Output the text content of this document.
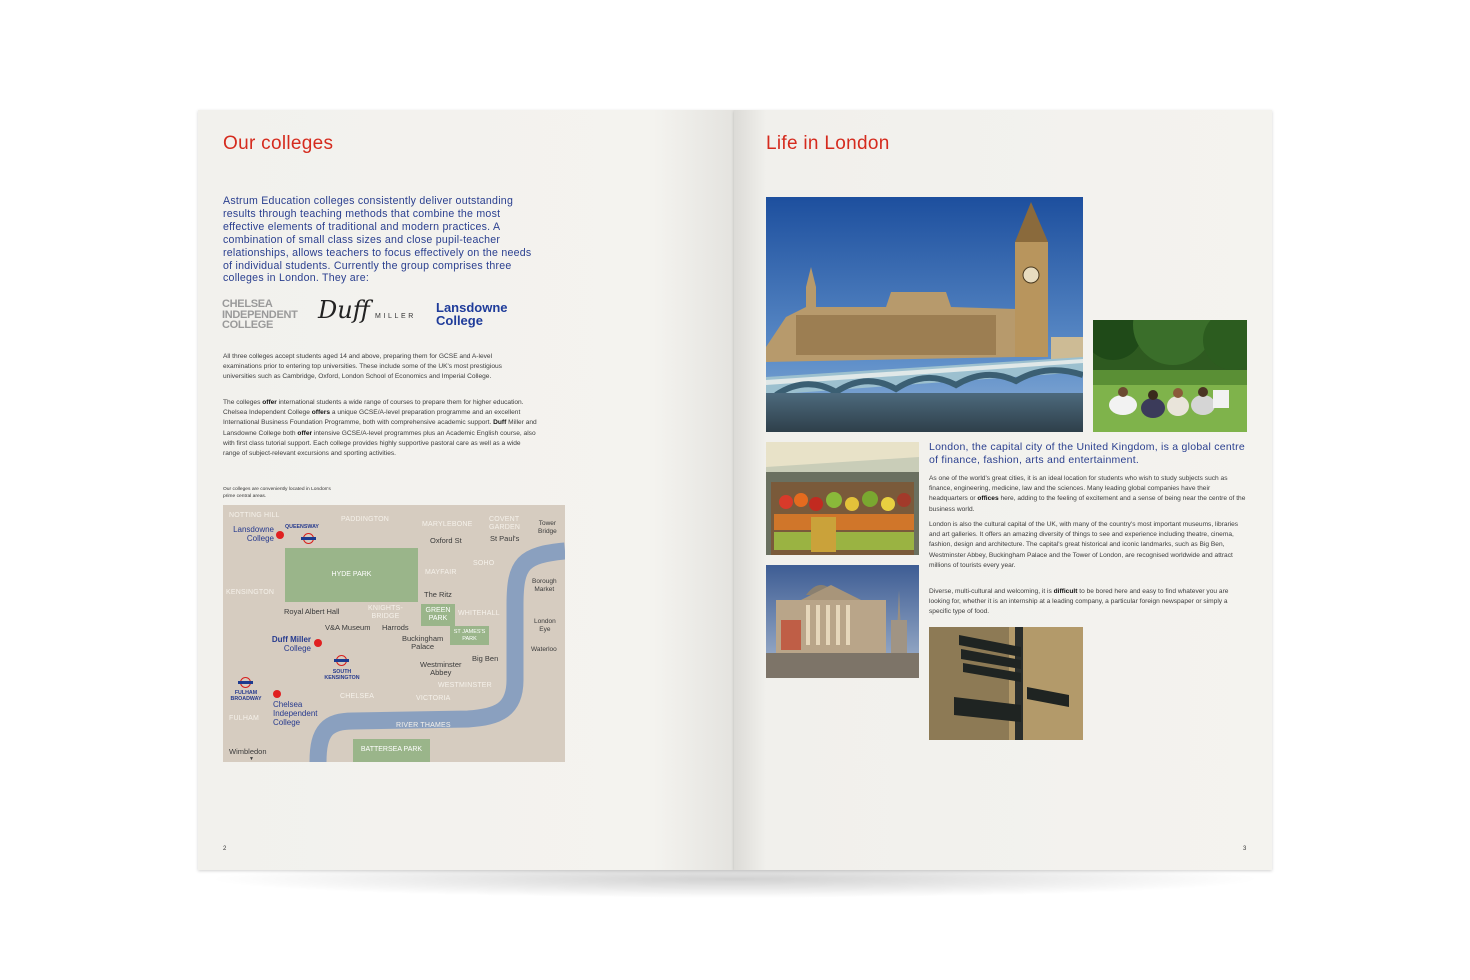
Our colleges
Astrum Education colleges consistently deliver outstanding results through teaching methods that combine the most effective elements of traditional and modern practices. A combination of small class sizes and close pupil-teacher relationships, allows teachers to focus effectively on the needs of individual students. Currently the group comprises three colleges in London. They are:
CHELSEA
INDEPENDENT
COLLEGE
Duff MILLER
Lansdowne
College
All three colleges accept students aged 14 and above, preparing them for GCSE and A-level examinations prior to entering top universities. These include some of the UK's most prestigious universities such as Cambridge, Oxford, London School of Economics and Imperial College.
The colleges offer international students a wide range of courses to prepare them for higher education. Chelsea Independent College offers a unique GCSE/A-level preparation programme and an excellent International Business Foundation Programme, both with comprehensive academic support. Duff Miller and Lansdowne College both offer intensive GCSE/A-level programmes plus an Academic English course, also with first class tutorial support. Each college provides highly supportive pastoral care as well as a wide range of subject-relevant excursions and sporting activities.
Our colleges are conveniently located in London's prime central areas.
HYDE PARK
GREEN
PARK
ST JAMES'S
PARK
BATTERSEA PARK
NOTTING HILL
PADDINGTON
MARYLEBONE
COVENT
GARDEN
SOHO
MAYFAIR
KENSINGTON
KNIGHTS-
BRIDGE	WHITEHALL
WESTMINSTER
CHELSEA	VICTORIA
FULHAM
RIVER THAMES
Tower
Bridge
Oxford St	St Paul's
Borough
Market
The Ritz
Royal Albert Hall
London
Eye
V&A Museum Harrods
Buckingham
Palace	Waterloo
Big Ben
Westminster
Abbey
Wimbledon
▼
Lansdowne
College
Duff Miller
College
Chelsea
Independent
College
QUEENSWAY
SOUTH
KENSINGTON
FULHAM
BROADWAY
2
Life in London
London, the capital city of the United Kingdom, is a global centre of finance, fashion, arts and entertainment.
As one of the world's great cities, it is an ideal location for students who wish to study subjects such as finance, engineering, medicine, law and the sciences. Many leading global companies have their headquarters or offices here, adding to the feeling of excitement and a sense of being near the centre of the business world.
London is also the cultural capital of the UK, with many of the country's most important museums, libraries and art galleries. It offers an amazing diversity of things to see and experience including theatre, cinema, fashion, design and architecture. The capital's great historical and iconic landmarks, such as Big Ben, Westminster Abbey, Buckingham Palace and the Tower of London, are recognised worldwide and attract millions of tourists every year.
Diverse, multi-cultural and welcoming, it is difficult to be bored here and easy to find whatever you are looking for, whether it is an internship at a leading company, a particular foreign newspaper or simply a specific type of food.
3
